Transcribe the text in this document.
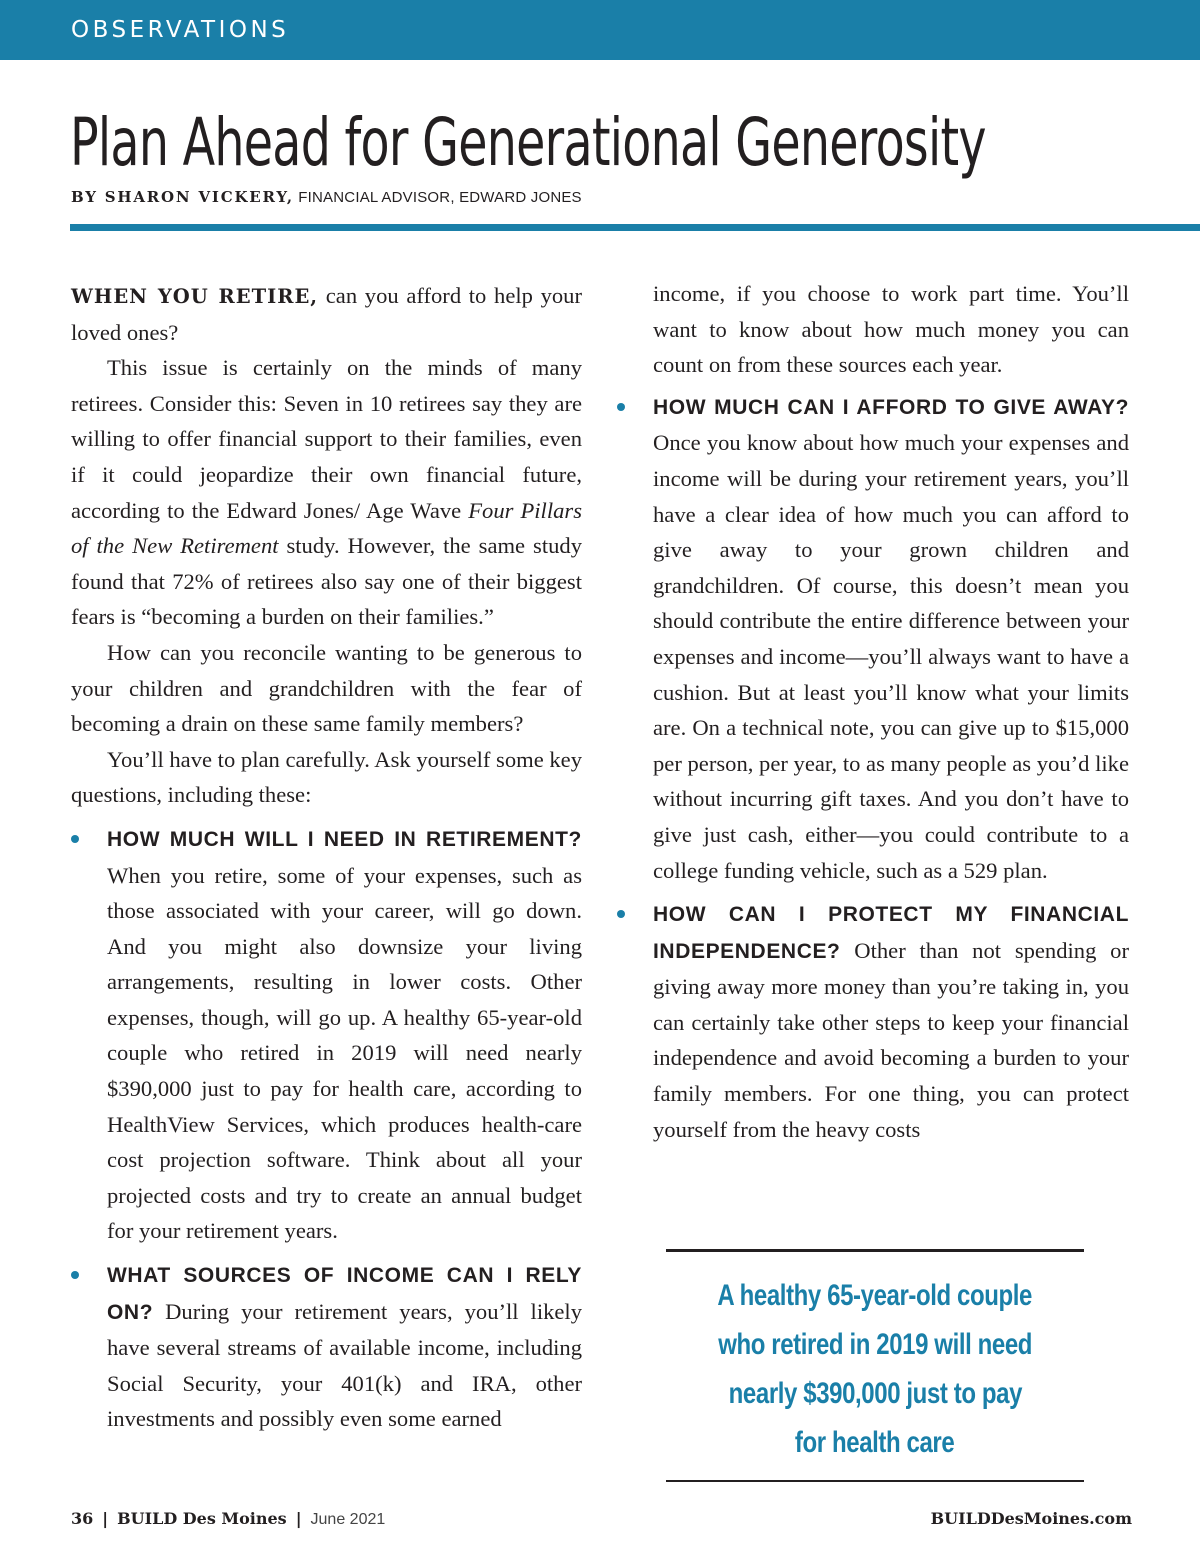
OBSERVATIONS
Plan Ahead for Generational Generosity
BY SHARON VICKERY, FINANCIAL ADVISOR, EDWARD JONES

WHEN YOU RETIRE, can you afford to help your loved ones?

This issue is certainly on the minds of many retirees. Consider this: Seven in 10 retirees say they are willing to offer financial support to their families, even if it could jeopardize their own financial future, according to the Edward Jones/ Age Wave Four Pillars of the New Retirement study. However, the same study found that 72% of retirees also say one of their biggest fears is “becoming a burden on their families.”

How can you reconcile wanting to be generous to your children and grandchildren with the fear of becoming a drain on these same family members?

You’ll have to plan carefully. Ask yourself some key questions, including these:

HOW MUCH WILL I NEED IN RETIREMENT? When you retire, some of your expenses, such as those associated with your career, will go down. And you might also downsize your living arrangements, resulting in lower costs. Other expenses, though, will go up. A healthy 65-year-old couple who retired in 2019 will need nearly $390,000 just to pay for health care, according to HealthView Services, which produces health-care cost projection software. Think about all your projected costs and try to create an annual budget for your retirement years.
WHAT SOURCES OF INCOME CAN I RELY ON? During your retirement years, you’ll likely have several streams of available income, including Social Security, your 401(k) and IRA, other investments and possibly even some earned

income, if you choose to work part time. You’ll want to know about how much money you can count on from these sources each year.

HOW MUCH CAN I AFFORD TO GIVE AWAY? Once you know about how much your expenses and income will be during your retirement years, you’ll have a clear idea of how much you can afford to give away to your grown children and grandchildren. Of course, this doesn’t mean you should contribute the entire difference between your expenses and income—you’ll always want to have a cushion. But at least you’ll know what your limits are. On a technical note, you can give up to $15,000 per person, per year, to as many people as you’d like without incurring gift taxes. And you don’t have to give just cash, either—you could contribute to a college funding vehicle, such as a 529 plan.
HOW CAN I PROTECT MY FINANCIAL INDEPENDENCE? Other than not spending or giving away more money than you’re taking in, you can certainly take other steps to keep your financial independence and avoid becoming a burden to your family members. For one thing, you can protect yourself from the heavy costs
A healthy 65-year-old couple
who retired in 2019 will need
nearly $390,000 just to pay
for health care
36 | BUILD Des Moines | June 2021	BUILDDesMoines.com
